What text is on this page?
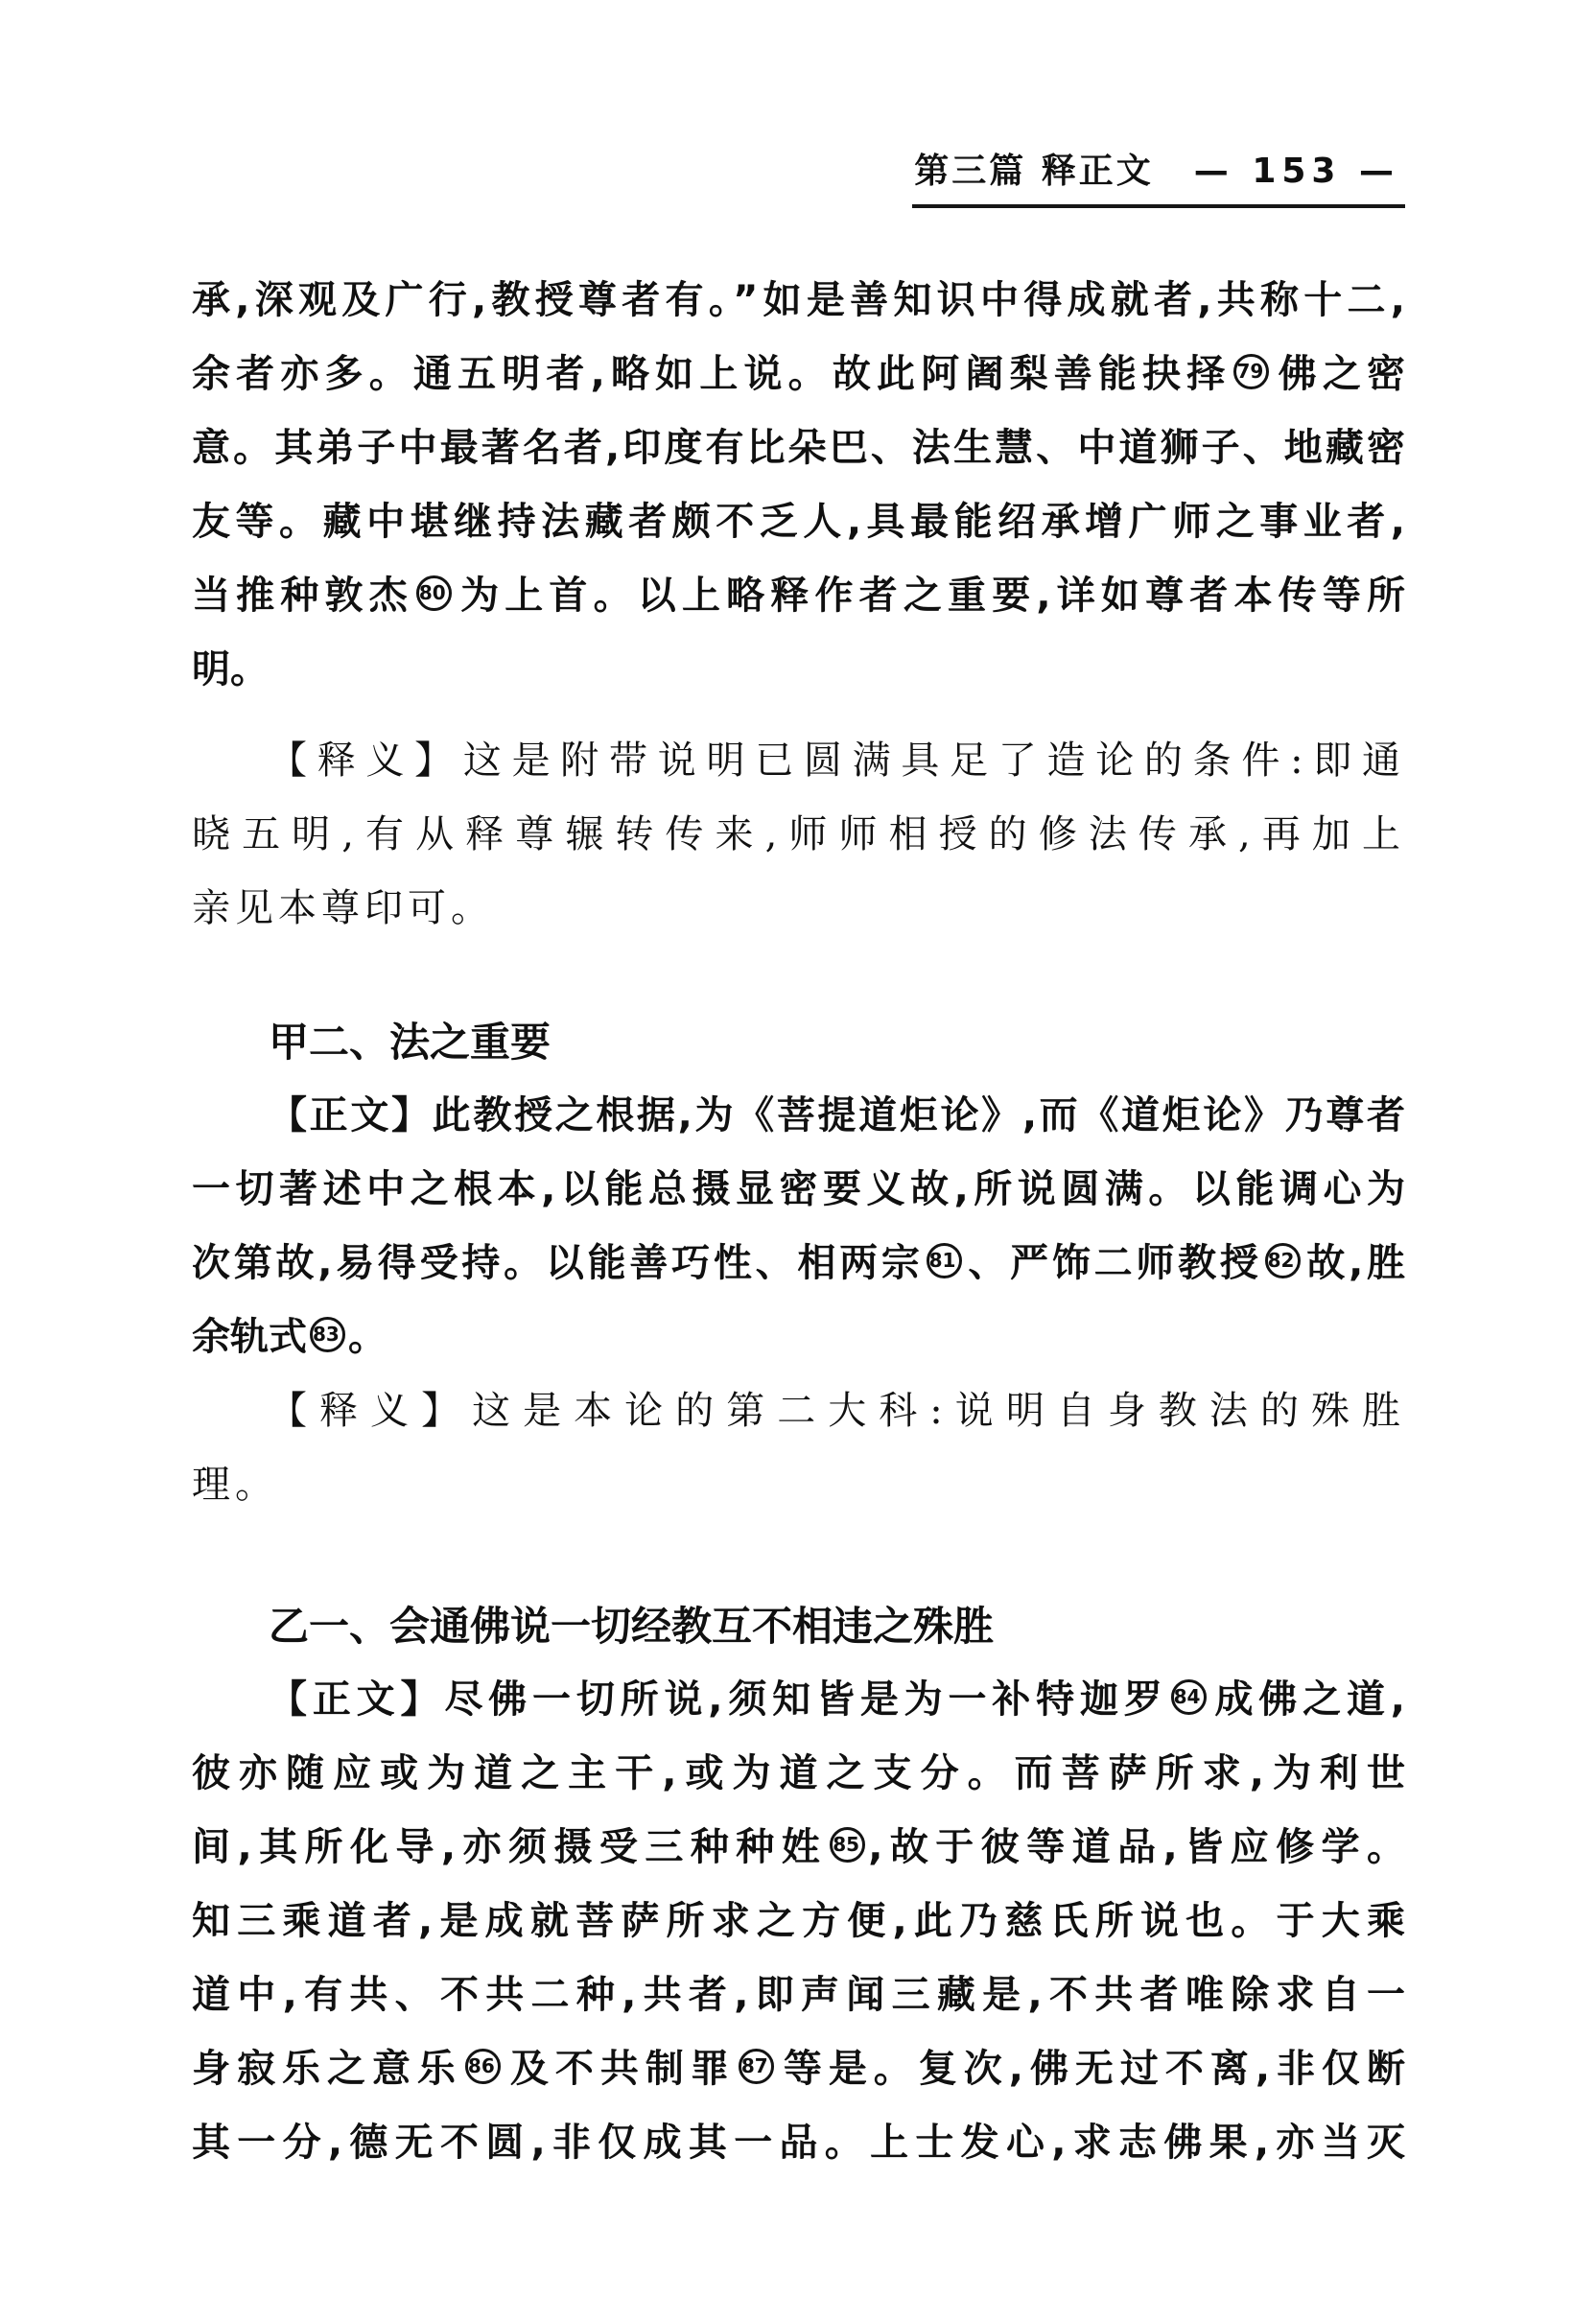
第三篇 释正文 — 153 —
承,深观及广行,教授尊者有。”如是善知识中得成就者,共称十二,
余者亦多。通五明者,略如上说。故此阿阇梨善能抉择 79 佛之密
意。其弟子中最著名者,印度有比朵巴、法生慧、中道狮子、地藏密
友等。藏中堪继持法藏者颇不乏人,具最能绍承增广师之事业者,
当推种敦杰 80 为上首。以上略释作者之重要,详如尊者本传等所
明。
【释义】这是附带说明已圆满具足了造论的条件:即通
晓五明,有从释尊辗转传来,师师相授的修法传承,再加上
亲见本尊印可。
甲二、法之重要
【正文】此教授之根据,为《菩提道炬论》,而《道炬论》乃尊者
一切著述中之根本,以能总摄显密要义故,所说圆满。以能调心为
次第故,易得受持。以能善巧性、相两宗 81 、严饰二师教授 82 故,胜
余轨式 83 。
【释义】这是本论的第二大科:说明自身教法的殊胜
理。
乙一、会通佛说一切经教互不相违之殊胜
【正文】尽佛一切所说,须知皆是为一补特迦罗 84 成佛之道,
彼亦随应或为道之主干,或为道之支分。而菩萨所求,为利世
间,其所化导,亦须摄受三种种姓 85 ,故于彼等道品,皆应修学。
知三乘道者,是成就菩萨所求之方便,此乃慈氏所说也。于大乘
道中,有共、不共二种,共者,即声闻三藏是,不共者唯除求自一
身寂乐之意乐 86 及不共制罪 87 等是。复次,佛无过不离,非仅断
其一分,德无不圆,非仅成其一品。上士发心,求志佛果,亦当灭
